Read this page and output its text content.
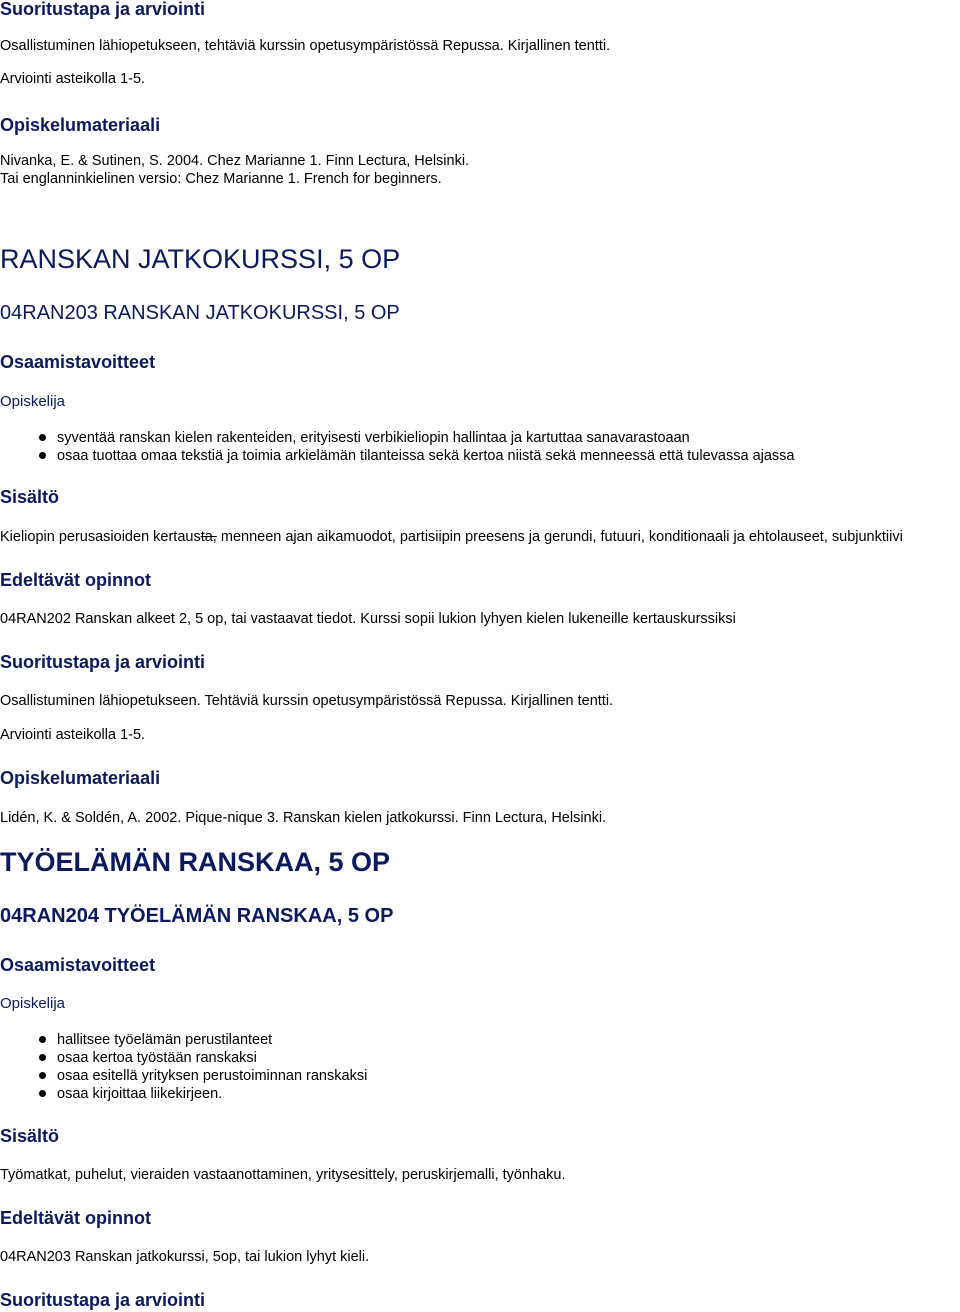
Suoritustapa ja arviointi
Osallistuminen lähiopetukseen, tehtäviä kurssin opetusympäristössä Repussa. Kirjallinen tentti.
Arviointi asteikolla 1-5.
Opiskelumateriaali
Nivanka, E. & Sutinen, S. 2004. Chez Marianne 1. Finn Lectura, Helsinki.
Tai englanninkielinen versio: Chez Marianne 1. French for beginners.
RANSKAN JATKOKURSSI, 5 OP
04RAN203 RANSKAN JATKOKURSSI, 5 OP
Osaamistavoitteet
Opiskelija
syventää ranskan kielen rakenteiden, erityisesti verbikieliopin hallintaa ja kartuttaa sanavarastoaan
osaa tuottaa omaa tekstiä ja toimia arkielämän tilanteissa sekä kertoa niistä sekä menneessä että tulevassa ajassa
Sisältö
Kieliopin perusasioiden kertausta, menneen ajan aikamuodot, partisiipin preesens ja gerundi, futuuri, konditionaali ja ehtolauseet, subjunktiivi
Edeltävät opinnot
04RAN202 Ranskan alkeet 2, 5 op, tai vastaavat tiedot. Kurssi sopii lukion lyhyen kielen lukeneille kertauskurssiksi
Suoritustapa ja arviointi
Osallistuminen lähiopetukseen. Tehtäviä kurssin opetusympäristössä Repussa. Kirjallinen tentti.
Arviointi asteikolla 1-5.
Opiskelumateriaali
Lidén, K. & Soldén, A. 2002. Pique-nique 3. Ranskan kielen jatkokurssi. Finn Lectura, Helsinki.
TYÖELÄMÄN RANSKAA, 5 OP
04RAN204 TYÖELÄMÄN RANSKAA, 5 OP
Osaamistavoitteet
Opiskelija
hallitsee työelämän perustilanteet
osaa kertoa työstään ranskaksi
osaa esitellä yrityksen perustoiminnan ranskaksi
osaa kirjoittaa liikekirjeen.
Sisältö
Työmatkat, puhelut, vieraiden vastaanottaminen, yritysesittely, peruskirjemalli, työnhaku.
Edeltävät opinnot
04RAN203 Ranskan jatkokurssi, 5op, tai lukion lyhyt kieli.
Suoritustapa ja arviointi
